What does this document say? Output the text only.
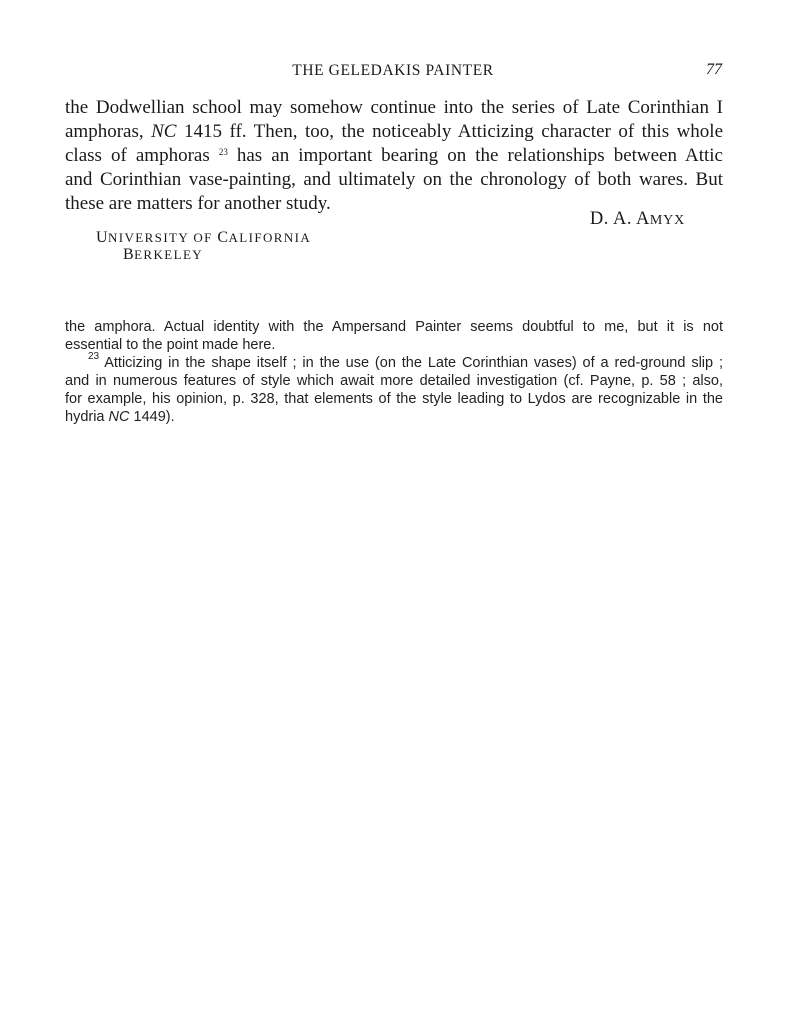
THE GELEDAKIS PAINTER	77
the Dodwellian school may somehow continue into the series of Late Corinthian I
amphoras, NC 1415 ff. Then, too, the noticeably Atticizing character of this whole
class of amphoras $^{23}$ has an important bearing on the relationships between Attic
and Corinthian vase-painting, and ultimately on the chronology of both wares. But
these are matters for another study.
D. A. AMYX
UNIVERSITY OF CALIFORNIA
BERKELEY
the amphora. Actual identity with the Ampersand Painter seems doubtful to me, but it is not
essential to the point made here.
$^{23}$ Atticizing in the shape itself ; in the use (on the Late Corinthian vases) of a red-ground slip ;
and in numerous features of style which await more detailed investigation (cf. Payne, p. 58 ; also,
for example, his opinion, p. 328, that elements of the style leading to Lydos are recognizable in the
hydria NC 1449).
